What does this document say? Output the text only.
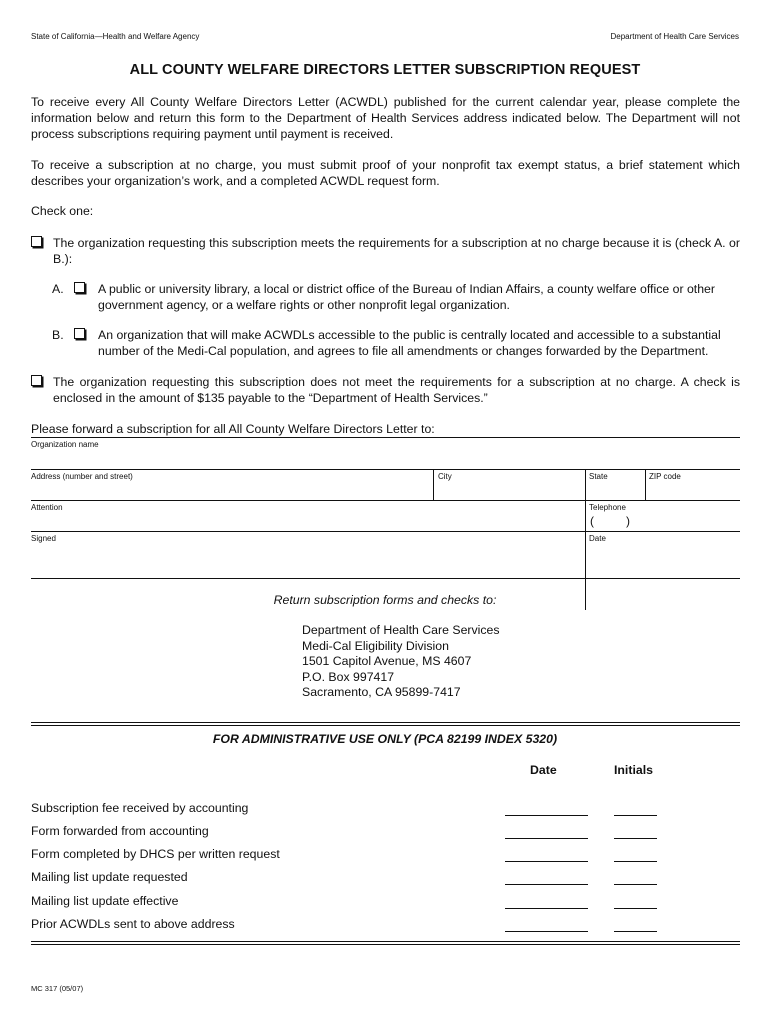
State of California—Health and Welfare Agency	Department of Health Care Services
ALL COUNTY WELFARE DIRECTORS LETTER SUBSCRIPTION REQUEST
To receive every All County Welfare Directors Letter (ACWDL) published for the current calendar year, please complete the information below and return this form to the Department of Health Services address indicated below. The Department will not process subscriptions requiring payment until payment is received.
To receive a subscription at no charge, you must submit proof of your nonprofit tax exempt status, a brief statement which describes your organization’s work, and a completed ACWDL request form.
Check one:
The organization requesting this subscription meets the requirements for a subscription at no charge because it is (check A. or B.):
A.	A public or university library, a local or district office of the Bureau of Indian Affairs, a county welfare office or other government agency, or a welfare rights or other nonprofit legal organization.
B.	An organization that will make ACWDLs accessible to the public is centrally located and accessible to a substantial number of the Medi-Cal population, and agrees to file all amendments or changes forwarded by the Department.
The organization requesting this subscription does not meet the requirements for a subscription at no charge. A check is enclosed in the amount of $135 payable to the “Department of Health Services.”
Please forward a subscription for all All County Welfare Directors Letter to:
Organization name
Address (number and street)	City	State	ZIP code
Attention	Telephone
(	)
Signed	Date
Return subscription forms and checks to:
Department of Health Care Services
Medi-Cal Eligibility Division
1501 Capitol Avenue, MS 4607
P.O. Box 997417
Sacramento, CA 95899-7417
FOR ADMINISTRATIVE USE ONLY (PCA 82199 INDEX 5320)
Date	Initials
Subscription fee received by accounting
Form forwarded from accounting
Form completed by DHCS per written request
Mailing list update requested
Mailing list update effective
Prior ACWDLs sent to above address
MC 317 (05/07)
